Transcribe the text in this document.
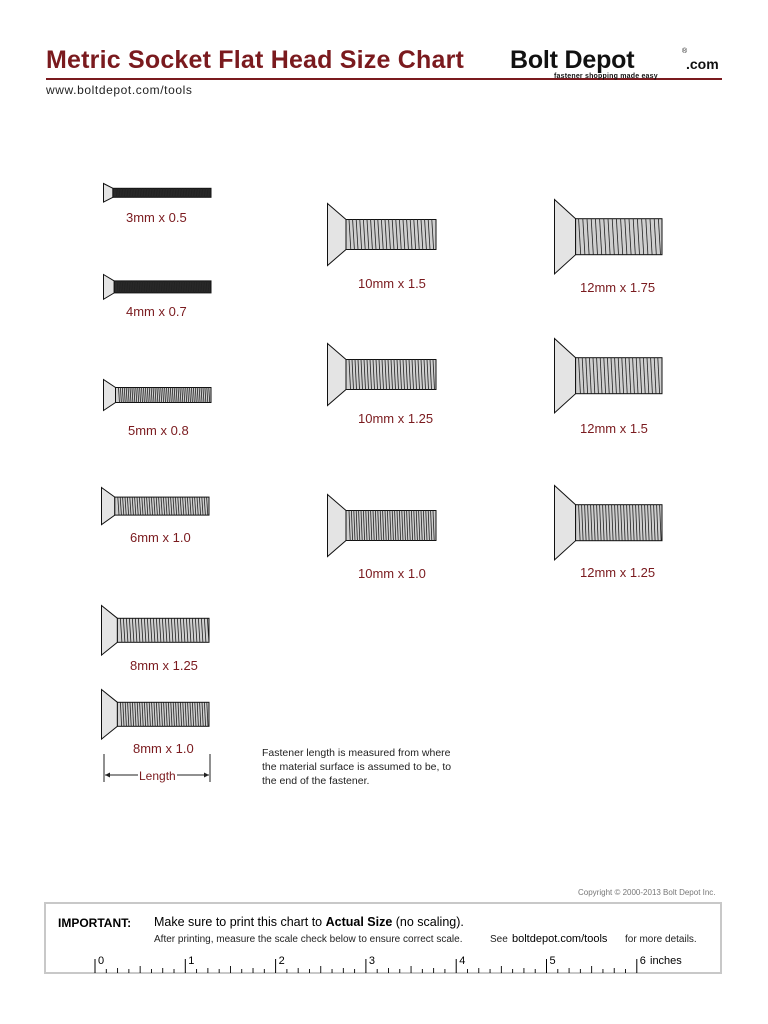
Metric Socket Flat Head Size Chart
www.boltdepot.com/tools
Bolt Depot	®
.com
fastener shopping made easy
3mm x 0.5
4mm x 0.7
5mm x 0.8
6mm x 1.0
8mm x 1.25
8mm x 1.0
10mm x 1.5
10mm x 1.25
10mm x 1.0
12mm x 1.75
12mm x 1.5
12mm x 1.25
Length
Fastener length is measured from where the material surface is assumed to be, to the end of the fastener.
Copyright © 2000-2013 Bolt Depot Inc.
IMPORTANT: Make sure to print this chart to Actual Size (no scaling).
After printing, measure the scale check below to ensure correct scale.	See boltdepot.com/tools for more details.
0	1	2	3	4	5	6 inches
